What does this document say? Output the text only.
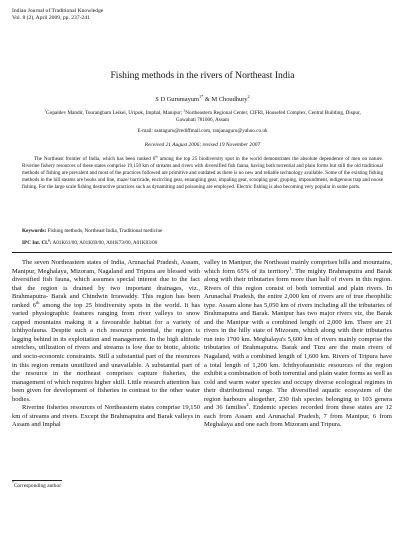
Indian Journal of Traditional Knowledge
Vol. 8 (2), April 2009, pp. 237-241
Fishing methods in the rivers of Northeast India
S D Gurumayum$^{1*}$ & M Choudhury$^2$
$^1$Gopaldev Mandir, Tourangbam Leikei, Uripok, Imphal, Manipur; $^2$Northeastern Regional Center, CIFRI, Housefed Complex, Central Building, Dispur, Gawahati 781006, Assam
E-mail: santaguru@rediffmail.com, ranjanaguru@yahoo.co.uk
Received 21 August 2006; revised 19 November 2007

The Northeast frontier of India, which has been ranked 6th among the top 25 biodiversity spot in the world demonstrates the absolute dependence of men on nature. Riverine fishery resources of these states comprise 19,150 km of streams and rivers with diversified fish fauna, having both torrential and plain forms but still the old traditional methods of fishing are prevalent and most of the practices followed are primitive and outdated as there is no new and reliable technology available. Some of the existing fishing methods in the hill steams are hooks and line, maze/ barricade, encircling gear, entangling gear, impaling gear, scooping gear, groping, impoundment, indigenous trap and noose fishing. For the large scale fishing destructive practices such as dynamiting and poisoning are employed. Electric fishing is also becoming very popular in some parts.

Keywords: Fishing methods, Northeast India, Traditional medicine
IPC Int. Cl.$^8$: A01K61/00, A01K69/00, A01K73/00, A01K83/00

The seven Northeastern states of India, Arunachal Pradesh, Assam, Manipur, Meghalaya, Mizoram, Nagaland and Tripura are blessed with diversified fish fauna, which assumes special interest due to the fact that the region is drained by two important drainages, viz., Brahmaputra- Barak and Chindwin Irrawaddy. This region has been ranked 6th among the top 25 biodiversity spots in the world. It has varied physiographic features ranging from river valleys to snow capped mountains making it a favourable habitat for a variety of ichthyofauna. Despite such a rich resource potential, the region is lagging behind in its exploitation and management. In the high altitude stretches, utilization of rivers and streams is low due to biotic, abiotic and socio-economic constraints. Still a substantial part of the resources in this region remain unutilized and unavailable. A substantial part of the resource in the northeast comprises capture fisheries, the management of which requires higher skill. Little research attention has been given for development of fisheries in contrast to the other water bodies.

Riverine fisheries resources of Northeastern states comprise 19,150 km of streams and rivers. Except the Brahmaputra and Barak valleys in Assam and Imphal

valley in Manipur, the Northeast mainly comprises hills and mountains, which form 65% of its territory$^1$. The mighty Brahmaputra and Barak along with their tributaries form more than half of rivers in this region. Rivers of this region consist of both torrential and plain rivers. In Arunachal Pradesh, the entire 2,000 km of rivers are of true rheophilic type. Assam alone has 5,050 km of rivers including all the tributaries of Brahmaputra and Barak. Manipur has two major rivers viz, the Barak and the Manipur with a combined length of 2,000 km. There are 21 rivers in the hilly state of Mizoram, which along with their tributaries run into 1700 km. Meghalaya's 5,600 km of rivers mainly comprise the tributaries of Brahmaputra. Barak and Tizu are the main rivers of Nagaland, with a combined length of 1,600 km. Rivers of Tripura have a total length of 1,200 km. Ichthyofaunistic resources of the region exhibit a combination of both torrential and plain water forms as well as cold and warm water species and occupy diverse ecological regimes in their distributional range. The diversified aquatic ecosystem of the region harbours altogether, 230 fish species belonging to 103 genera and 36 families$^2$. Endemic species recorded from these states are 12 each from Assam and Arunachal Pradesh, 7 from Manipur, 6 from Meghalaya and one each from Mizoram and Tripura.

*Corresponding author
